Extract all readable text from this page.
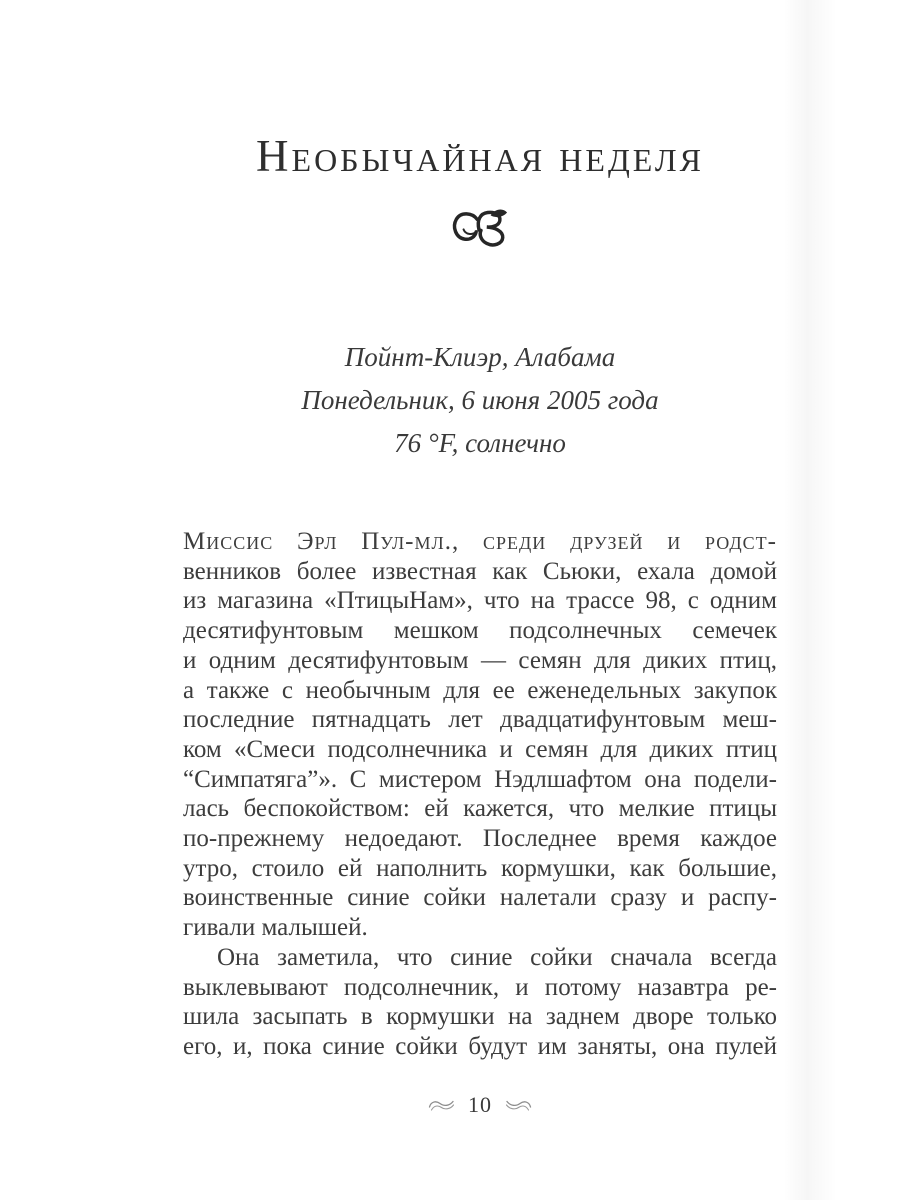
Необычайная неделя
Пойнт-Клиэр, Алабама
Понедельник, 6 июня 2005 года
76 °F, солнечно
Миссис Эрл Пул-мл., среди друзей и родст-
венников более известная как Сьюки, ехала домой
из магазина «ПтицыНам», что на трассе 98, с одним
десятифунтовым мешком подсолнечных семечек
и одним десятифунтовым — семян для диких птиц,
а также с необычным для ее еженедельных закупок
последние пятнадцать лет двадцатифунтовым меш-
ком «Смеси подсолнечника и семян для диких птиц
“Симпатяга”». С мистером Нэдлшафтом она подели-
лась беспокойством: ей кажется, что мелкие птицы
по-прежнему недоедают. Последнее время каждое
утро, стоило ей наполнить кормушки, как большие,
воинственные синие сойки налетали сразу и распу-
гивали малышей.
Она заметила, что синие сойки сначала всегда
выклевывают подсолнечник, и потому назавтра ре-
шила засыпать в кормушки на заднем дворе только
его, и, пока синие сойки будут им заняты, она пулей
10
